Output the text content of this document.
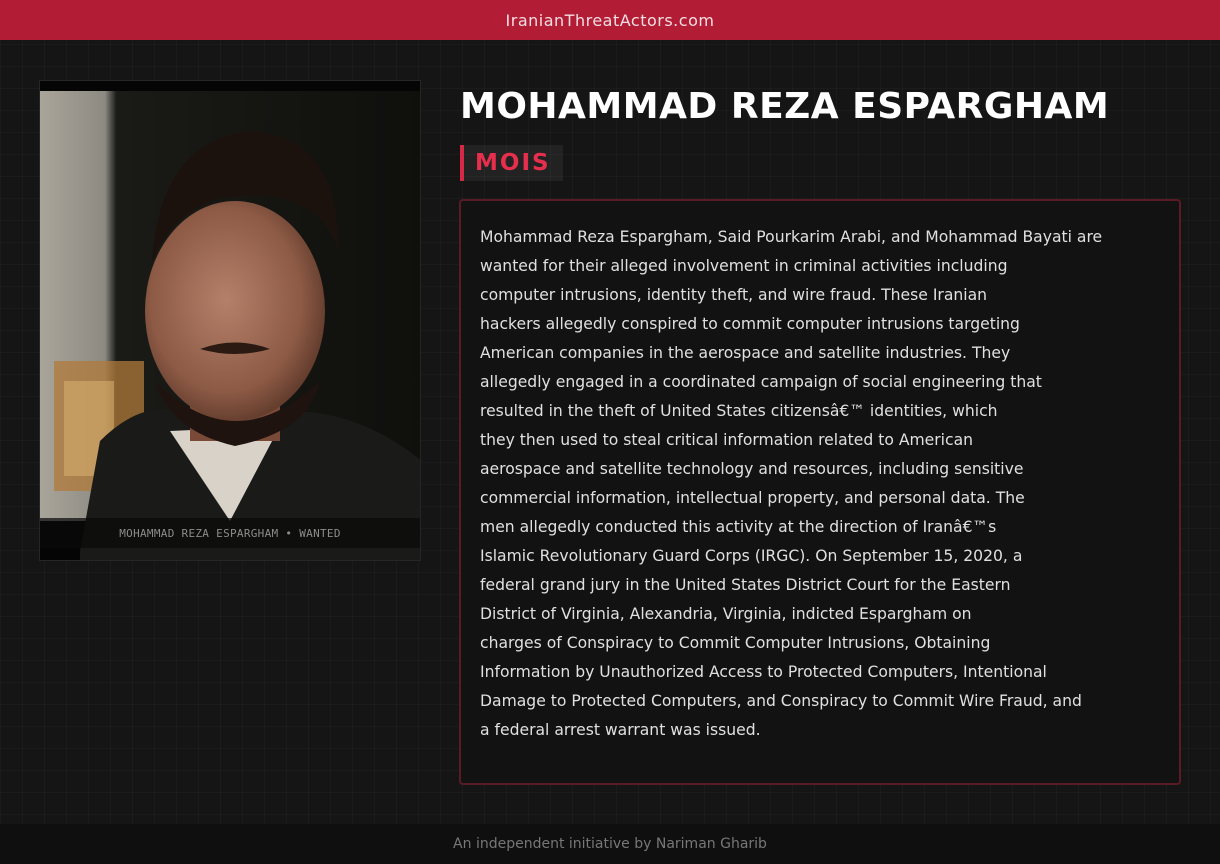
IranianThreatActors.com
MOHAMMAD REZA ESPARGHAM • WANTED
MOHAMMAD REZA ESPARGHAM
MOIS

Mohammad Reza Espargham, Said Pourkarim Arabi, and Mohammad Bayati are
wanted for their alleged involvement in criminal activities including
computer intrusions, identity theft, and wire fraud. These Iranian
hackers allegedly conspired to commit computer intrusions targeting
American companies in the aerospace and satellite industries. They
allegedly engaged in a coordinated campaign of social engineering that
resulted in the theft of United States citizensâ€™ identities, which
they then used to steal critical information related to American
aerospace and satellite technology and resources, including sensitive
commercial information, intellectual property, and personal data. The
men allegedly conducted this activity at the direction of Iranâ€™s
Islamic Revolutionary Guard Corps (IRGC). On September 15, 2020, a
federal grand jury in the United States District Court for the Eastern
District of Virginia, Alexandria, Virginia, indicted Espargham on
charges of Conspiracy to Commit Computer Intrusions, Obtaining
Information by Unauthorized Access to Protected Computers, Intentional
Damage to Protected Computers, and Conspiracy to Commit Wire Fraud, and
a federal arrest warrant was issued.

An independent initiative by Nariman Gharib
